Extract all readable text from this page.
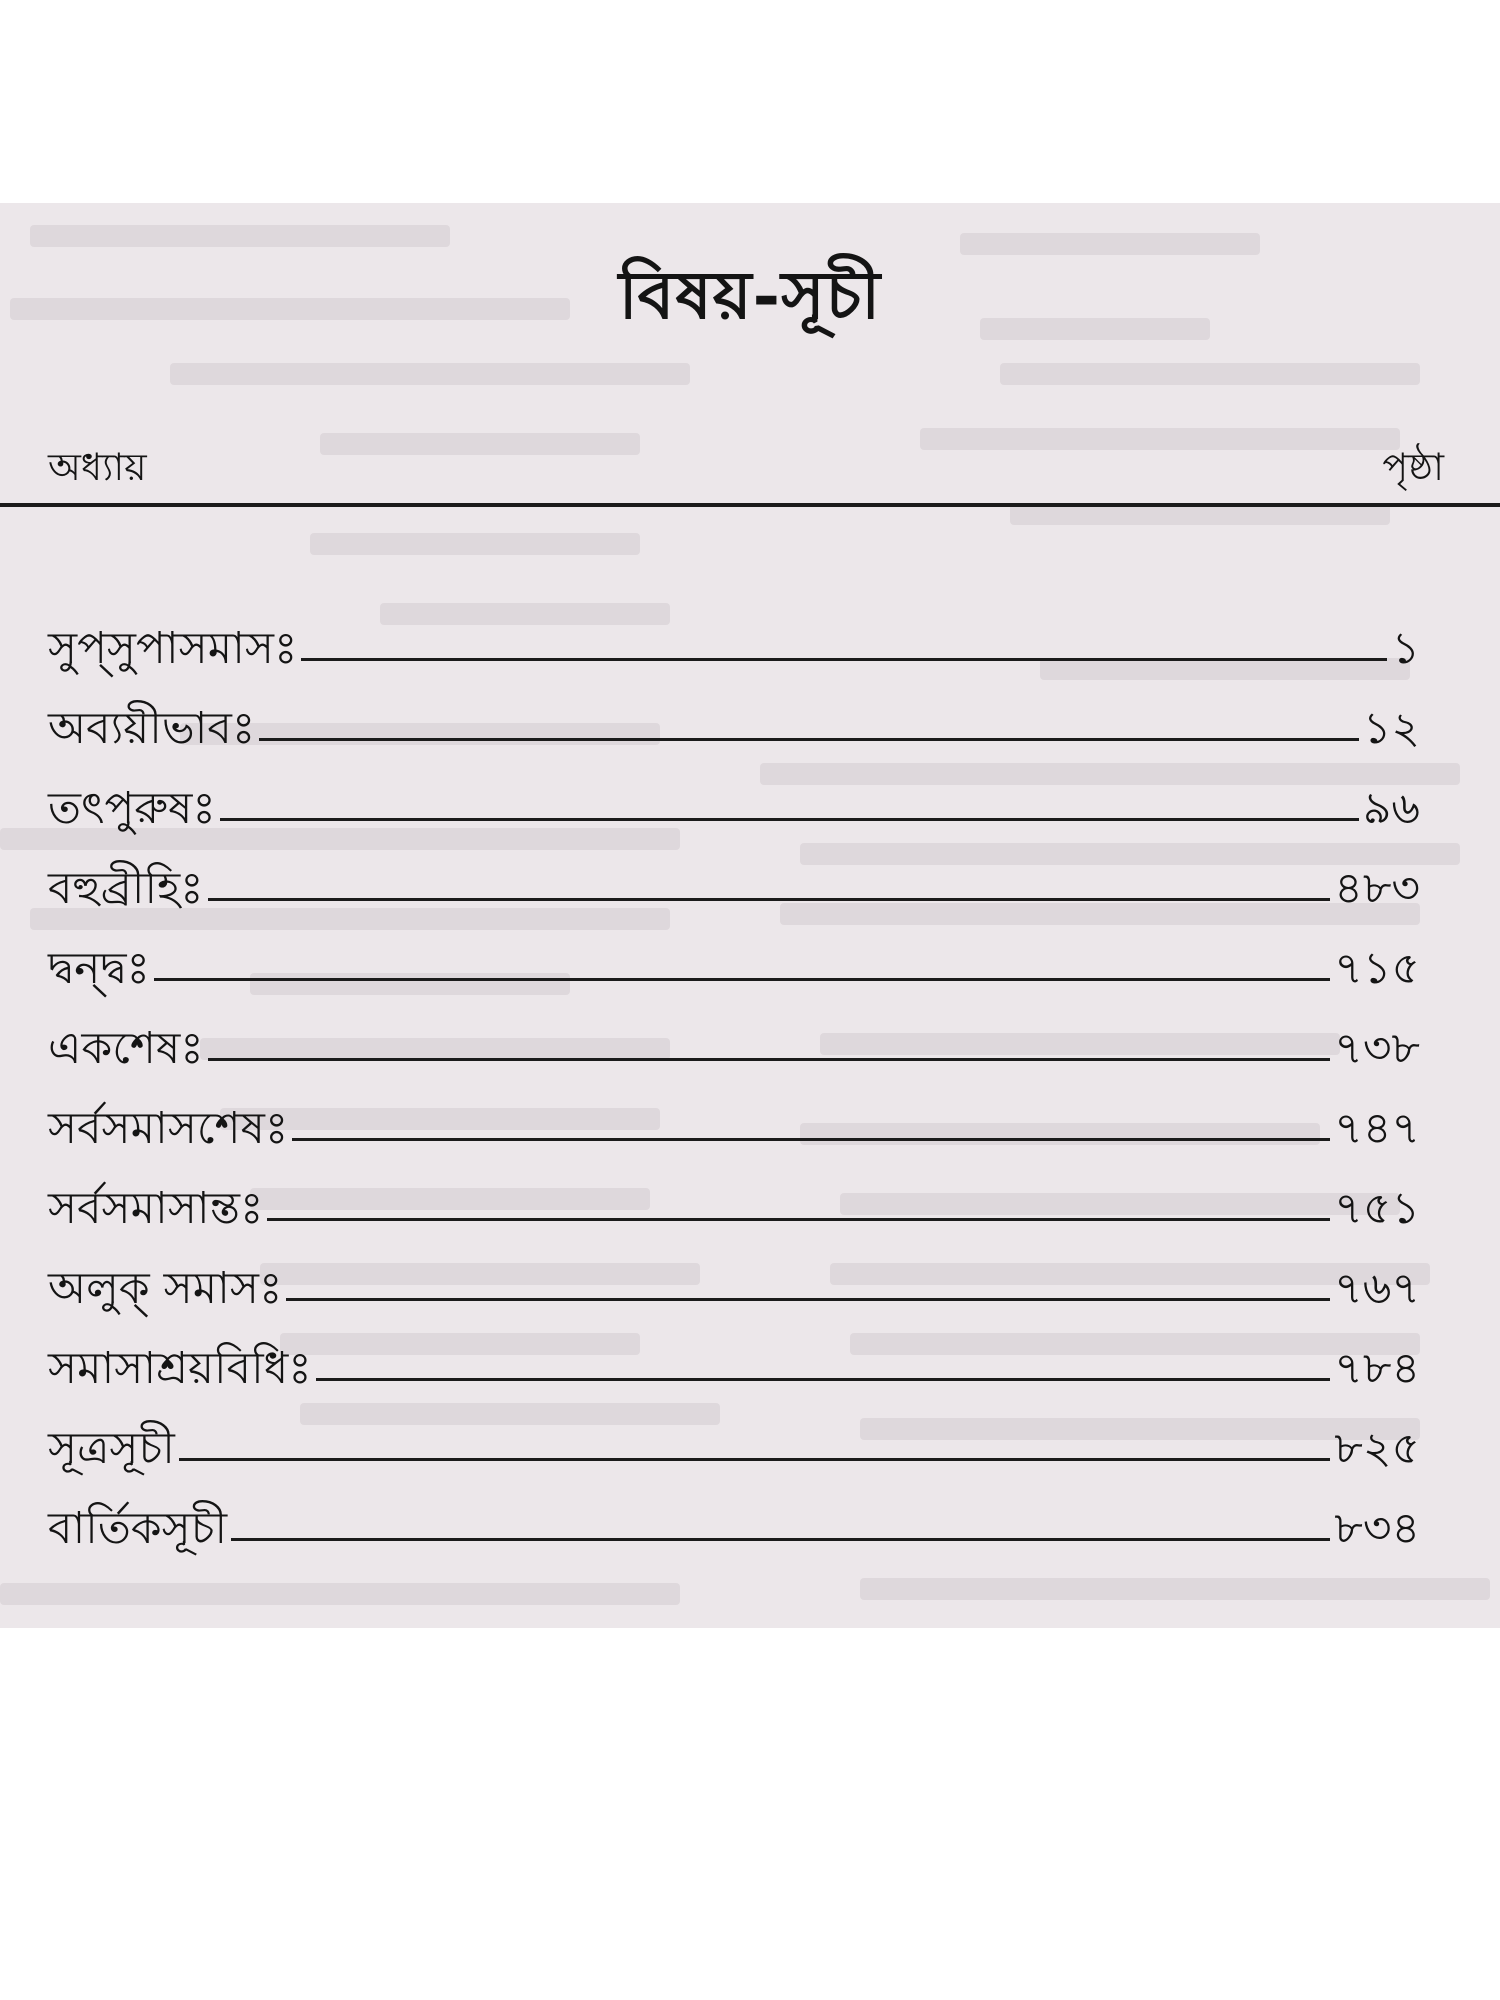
বিষয়-সূচী
অধ্যায়	পৃষ্ঠা
সুপ্‌সুপাসমাসঃ	১
অব্যয়ীভাবঃ	১২
তৎপুরুষঃ	৯৬
বহুব্রীহিঃ	৪৮৩
দ্বন্দ্বঃ	৭১৫
একশেষঃ	৭৩৮
সর্বসমাসশেষঃ	৭৪৭
সর্বসমাসান্তঃ	৭৫১
অলুক্‌ সমাসঃ	৭৬৭
সমাসাশ্রয়বিধিঃ	৭৮৪
সূত্রসূচী	৮২৫
বার্তিকসূচী	৮৩৪
